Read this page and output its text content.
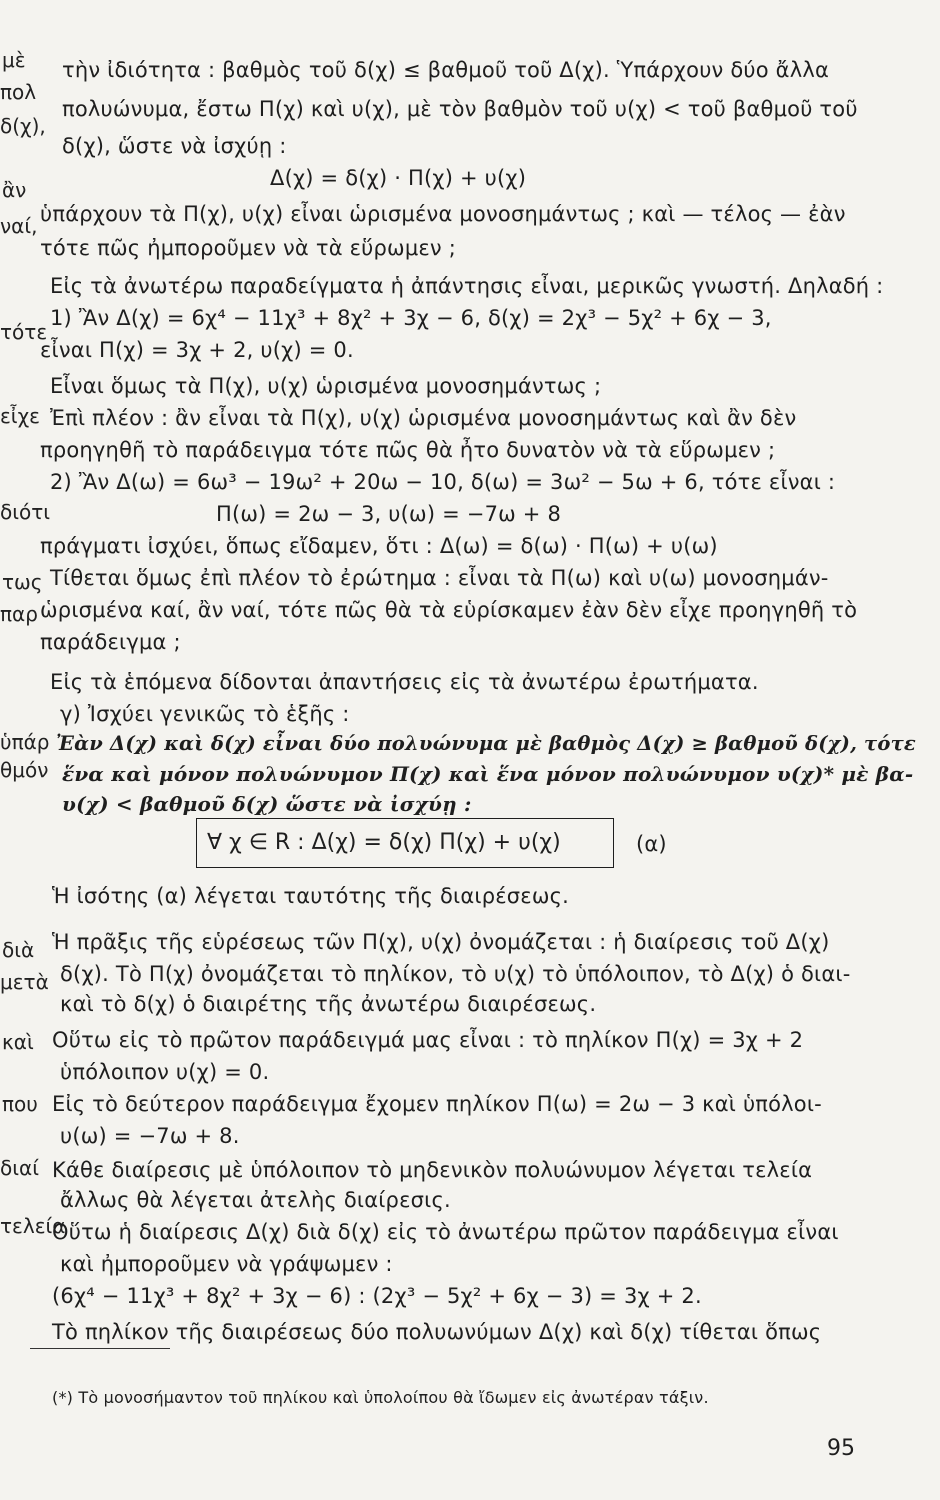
μὲ
πολ
δ(χ),
ἂν
ναί,
τότε
εἶχε
διότι
τως
παρ
ὑπάρ
θμόν
διὰ
μετὰ
καὶ
που
διαί
τελεία
τὴν ἰδιότητα : βαθμὸς τοῦ δ(χ) ≤ βαθμοῦ τοῦ Δ(χ). Ὑπάρχουν δύο ἄλλα
πολυώνυμα, ἔστω Π(χ) καὶ υ(χ), μὲ τὸν βαθμὸν τοῦ υ(χ) < τοῦ βαθμοῦ τοῦ
δ(χ), ὥστε νὰ ἰσχύῃ :
Δ(χ) = δ(χ) · Π(χ) + υ(χ)
ὑπάρχουν τὰ Π(χ), υ(χ) εἶναι ὡρισμένα μονοσημάντως ; καὶ — τέλος — ἐὰν
τότε πῶς ἠμποροῦμεν νὰ τὰ εὕρωμεν ;
Εἰς τὰ ἀνωτέρω παραδείγματα ἡ ἀπάντησις εἶναι, μερικῶς γνωστή. Δηλαδή :
1) Ἂν Δ(χ) = 6χ⁴ − 11χ³ + 8χ² + 3χ − 6, δ(χ) = 2χ³ − 5χ² + 6χ − 3,
εἶναι Π(χ) = 3χ + 2, υ(χ) = 0.
Εἶναι ὅμως τὰ Π(χ), υ(χ) ὡρισμένα μονοσημάντως ;
Ἐπὶ πλέον : ἂν εἶναι τὰ Π(χ), υ(χ) ὡρισμένα μονοσημάντως καὶ ἂν δὲν
προηγηθῆ τὸ παράδειγμα τότε πῶς θὰ ἦτο δυνατὸν νὰ τὰ εὕρωμεν ;
2) Ἂν Δ(ω) = 6ω³ − 19ω² + 20ω − 10, δ(ω) = 3ω² − 5ω + 6, τότε εἶναι :
Π(ω) = 2ω − 3, υ(ω) = −7ω + 8
πράγματι ἰσχύει, ὅπως εἴδαμεν, ὅτι : Δ(ω) = δ(ω) · Π(ω) + υ(ω)
Τίθεται ὅμως ἐπὶ πλέον τὸ ἐρώτημα : εἶναι τὰ Π(ω) καὶ υ(ω) μονοσημάν-
ὡρισμένα καί, ἂν ναί, τότε πῶς θὰ τὰ εὑρίσκαμεν ἐὰν δὲν εἶχε προηγηθῆ τὸ
παράδειγμα ;
Εἰς τὰ ἑπόμενα δίδονται ἀπαντήσεις εἰς τὰ ἀνωτέρω ἐρωτήματα.
γ) Ἰσχύει γενικῶς τὸ ἑξῆς :
Ἐὰν Δ(χ) καὶ δ(χ) εἶναι δύο πολυώνυμα μὲ βαθμὸς Δ(χ) ≥ βαθμοῦ δ(χ), τότε
ἕνα καὶ μόνον πολυώνυμον Π(χ) καὶ ἕνα μόνον πολυώνυμον υ(χ)* μὲ βα-
υ(χ) < βαθμοῦ δ(χ) ὥστε νὰ ἰσχύῃ :
∀ χ ∈ R : Δ(χ) = δ(χ) Π(χ) + υ(χ)	(α)
Ἡ ἰσότης (α) λέγεται ταυτότης τῆς διαιρέσεως.
Ἡ πρᾶξις τῆς εὑρέσεως τῶν Π(χ), υ(χ) ὀνομάζεται : ἡ διαίρεσις τοῦ Δ(χ)
δ(χ). Τὸ Π(χ) ὀνομάζεται τὸ πηλίκον, τὸ υ(χ) τὸ ὑπόλοιπον, τὸ Δ(χ) ὁ διαι-
καὶ τὸ δ(χ) ὁ διαιρέτης τῆς ἀνωτέρω διαιρέσεως.
Οὕτω εἰς τὸ πρῶτον παράδειγμά μας εἶναι : τὸ πηλίκον Π(χ) = 3χ + 2
ὑπόλοιπον υ(χ) = 0.
Εἰς τὸ δεύτερον παράδειγμα ἔχομεν πηλίκον Π(ω) = 2ω − 3 καὶ ὑπόλοι-
υ(ω) = −7ω + 8.
Κάθε διαίρεσις μὲ ὑπόλοιπον τὸ μηδενικὸν πολυώνυμον λέγεται τελεία
ἄλλως θὰ λέγεται ἀτελὴς διαίρεσις.
Οὕτω ἡ διαίρεσις Δ(χ) διὰ δ(χ) εἰς τὸ ἀνωτέρω πρῶτον παράδειγμα εἶναι
καὶ ἠμποροῦμεν νὰ γράψωμεν :
(6χ⁴ − 11χ³ + 8χ² + 3χ − 6) : (2χ³ − 5χ² + 6χ − 3) = 3χ + 2.
Τὸ πηλίκον τῆς διαιρέσεως δύο πολυωνύμων Δ(χ) καὶ δ(χ) τίθεται ὅπως
(*) Τὸ μονοσήμαντον τοῦ πηλίκου καὶ ὑπολοίπου θὰ ἴδωμεν εἰς ἀνωτέραν τάξιν.
95
